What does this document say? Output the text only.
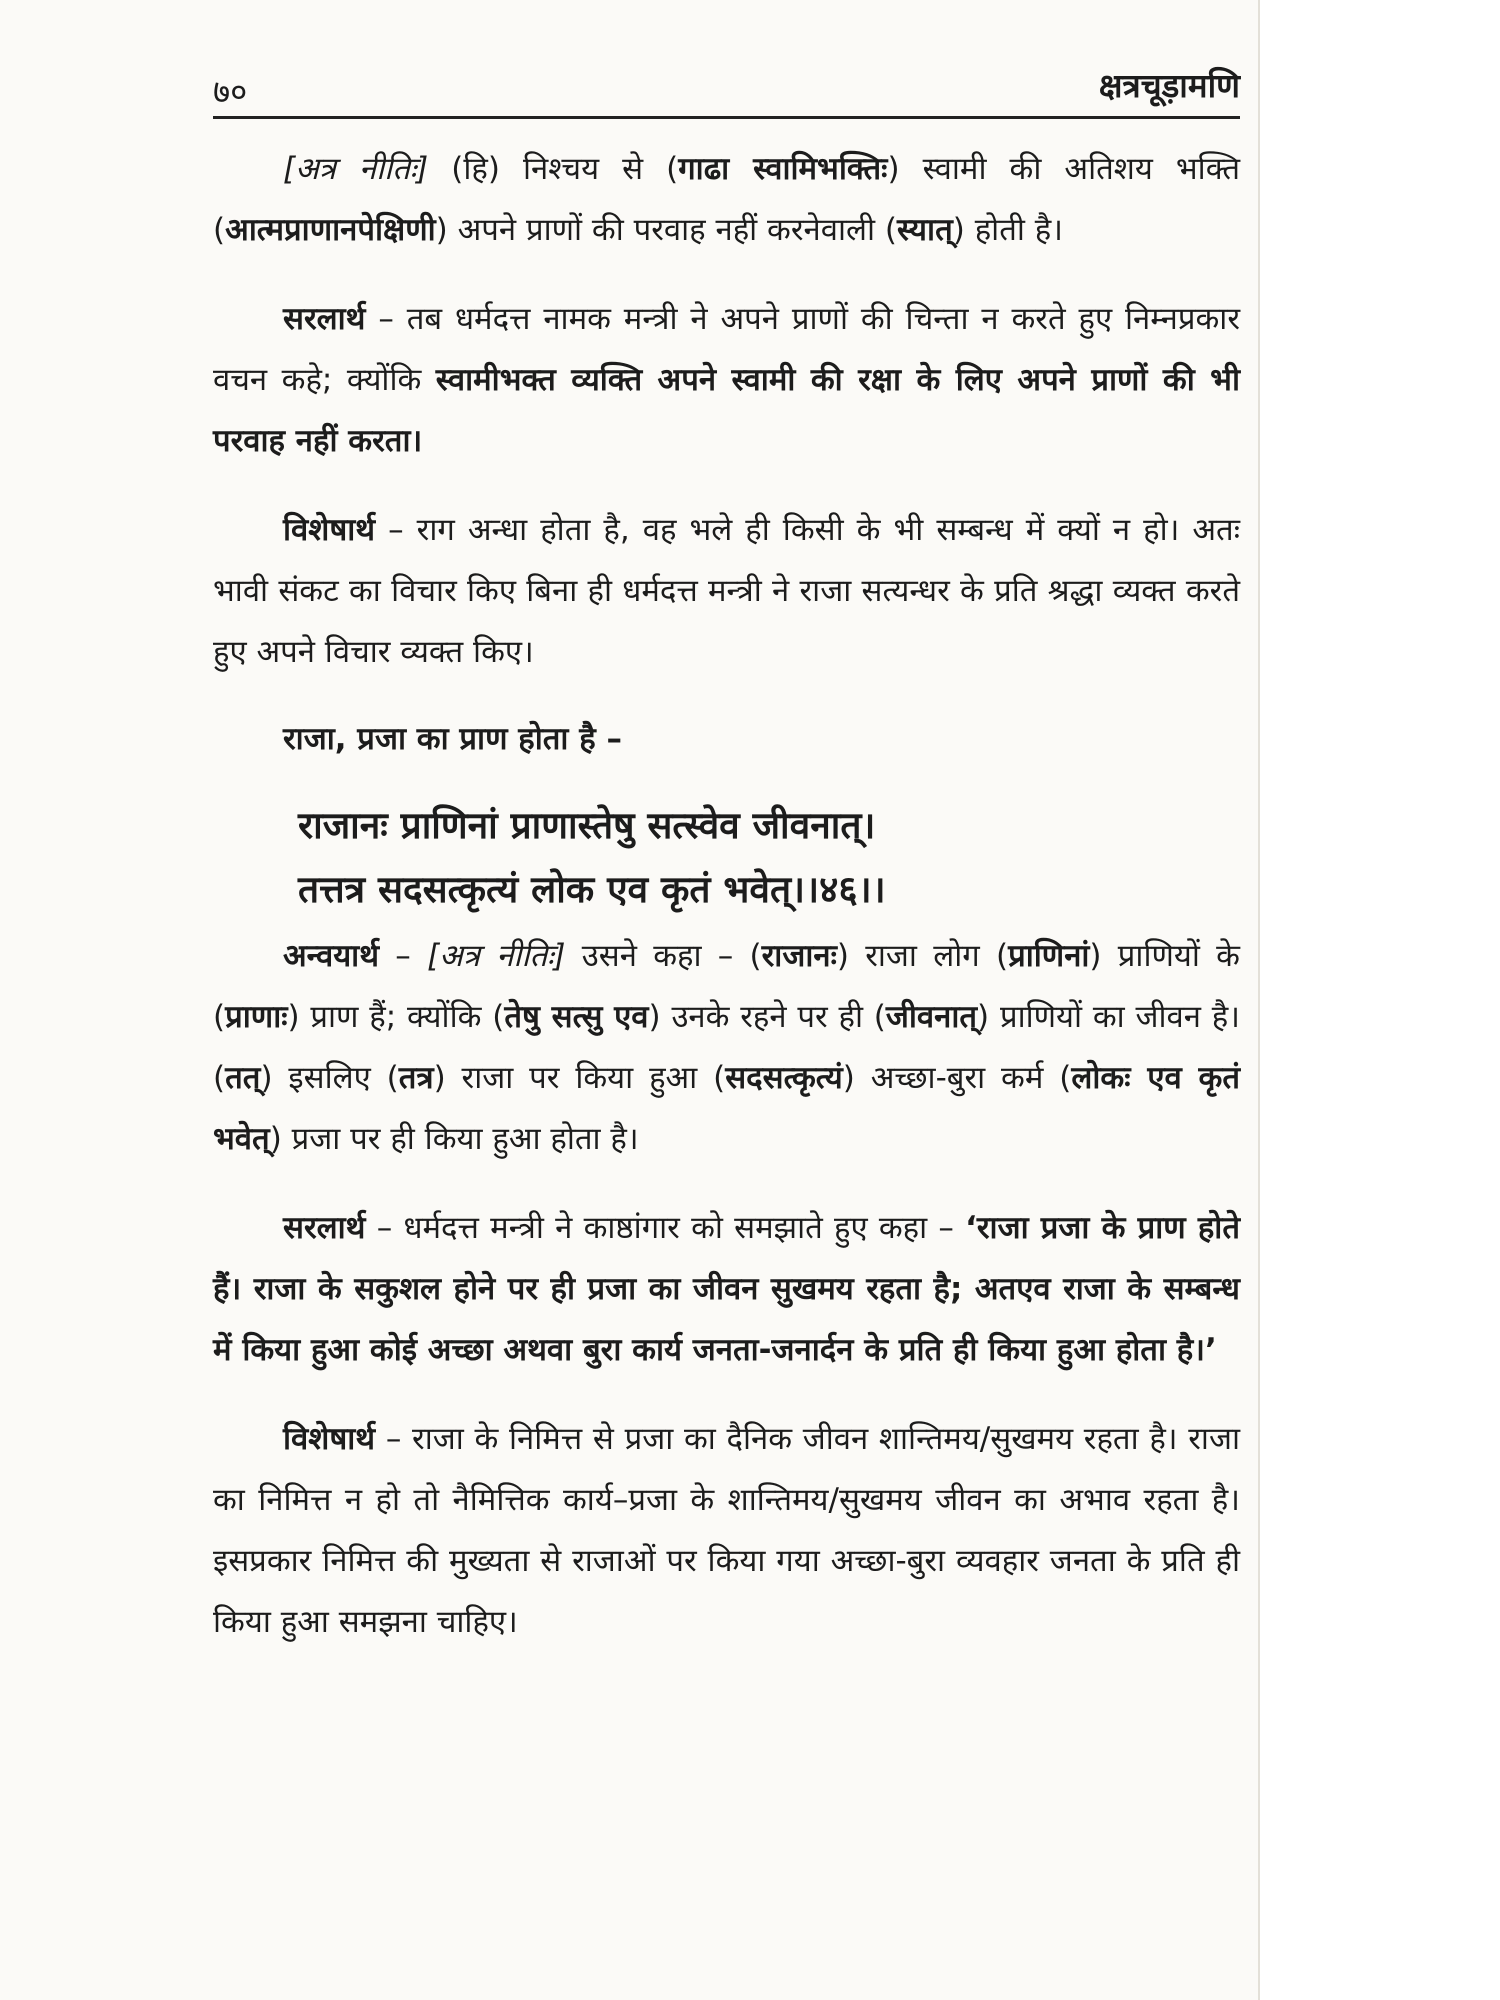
७०	क्षत्रचूड़ामणि

[अत्र नीतिः] (हि) निश्चय से (गाढा स्वामिभक्तिः) स्वामी की अतिशय भक्ति (आत्मप्राणानपेक्षिणी) अपने प्राणों की परवाह नहीं करनेवाली (स्यात्) होती है।

सरलार्थ – तब धर्मदत्त नामक मन्त्री ने अपने प्राणों की चिन्ता न करते हुए निम्नप्रकार वचन कहे; क्योंकि स्वामीभक्त व्यक्ति अपने स्वामी की रक्षा के लिए अपने प्राणों की भी परवाह नहीं करता।

विशेषार्थ – राग अन्धा होता है, वह भले ही किसी के भी सम्बन्ध में क्यों न हो। अतः भावी संकट का विचार किए बिना ही धर्मदत्त मन्त्री ने राजा सत्यन्धर के प्रति श्रद्धा व्यक्त करते हुए अपने विचार व्यक्त किए।

राजा, प्रजा का प्राण होता है –
राजानः प्राणिनां प्राणास्तेषु सत्स्वेव जीवनात्।
तत्तत्र सदसत्कृत्यं लोक एव कृतं भवेत्।।४६।।

अन्वयार्थ – [अत्र नीतिः] उसने कहा – (राजानः) राजा लोग (प्राणिनां) प्राणियों के (प्राणाः) प्राण हैं; क्योंकि (तेषु सत्सु एव) उनके रहने पर ही (जीवनात्) प्राणियों का जीवन है। (तत्) इसलिए (तत्र) राजा पर किया हुआ (सदसत्कृत्यं) अच्छा-बुरा कर्म (लोकः एव कृतं भवेत्) प्रजा पर ही किया हुआ होता है।

सरलार्थ – धर्मदत्त मन्त्री ने काष्ठांगार को समझाते हुए कहा – ‘राजा प्रजा के प्राण होते हैं। राजा के सकुशल होने पर ही प्रजा का जीवन सुखमय रहता है; अतएव राजा के सम्बन्ध में किया हुआ कोई अच्छा अथवा बुरा कार्य जनता-जनार्दन के प्रति ही किया हुआ होता है।’

विशेषार्थ – राजा के निमित्त से प्रजा का दैनिक जीवन शान्तिमय/सुखमय रहता है। राजा का निमित्त न हो तो नैमित्तिक कार्य–प्रजा के शान्तिमय/सुखमय जीवन का अभाव रहता है। इसप्रकार निमित्त की मुख्यता से राजाओं पर किया गया अच्छा-बुरा व्यवहार जनता के प्रति ही किया हुआ समझना चाहिए।
